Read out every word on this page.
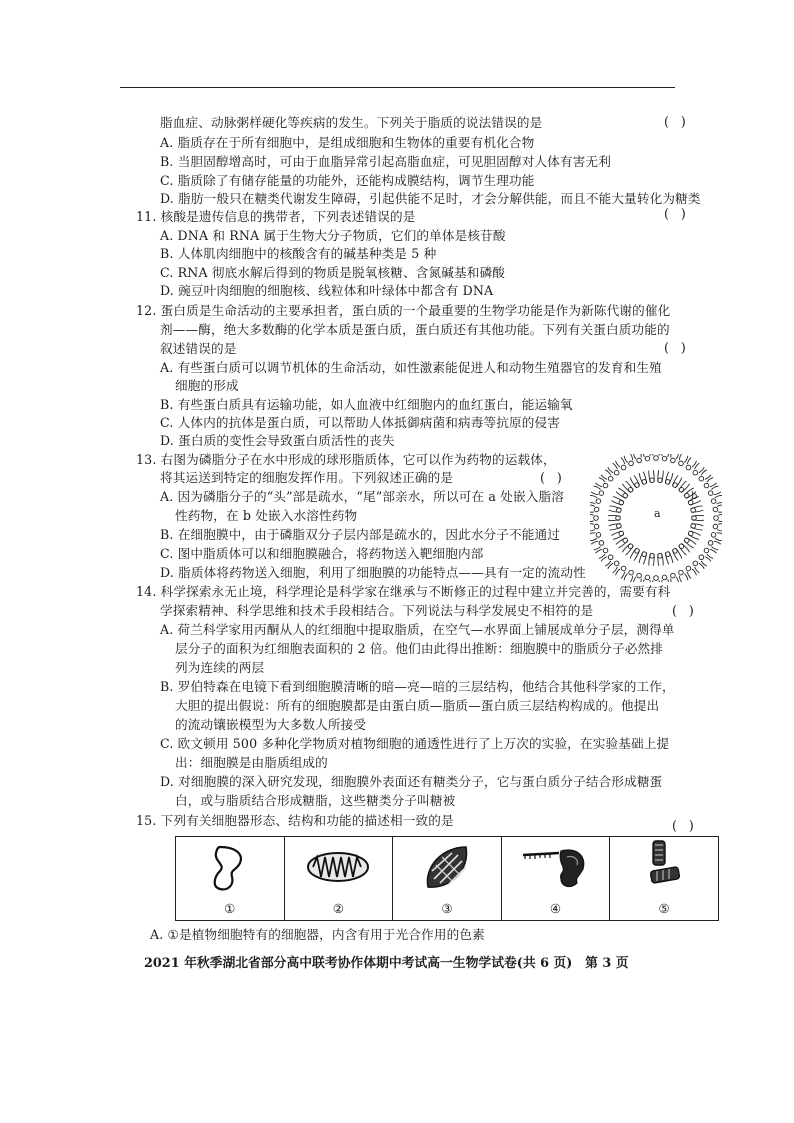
脂血症、动脉粥样硬化等疾病的发生。下列关于脂质的说法错误的是
A. 脂质存在于所有细胞中，是组成细胞和生物体的重要有机化合物
B. 当胆固醇增高时，可由于血脂异常引起高脂血症，可见胆固醇对人体有害无利
C. 脂质除了有储存能量的功能外，还能构成膜结构，调节生理功能
D. 脂肪一般只在糖类代谢发生障碍，引起供能不足时，才会分解供能，而且不能大量转化为糖类
11. 核酸是遗传信息的携带者，下列表述错误的是
A. DNA 和 RNA 属于生物大分子物质，它们的单体是核苷酸
B. 人体肌肉细胞中的核酸含有的碱基种类是 5 种
C. RNA 彻底水解后得到的物质是脱氧核糖、含氮碱基和磷酸
D. 豌豆叶肉细胞的细胞核、线粒体和叶绿体中都含有 DNA
12. 蛋白质是生命活动的主要承担者，蛋白质的一个最重要的生物学功能是作为新陈代谢的催化
剂——酶，绝大多数酶的化学本质是蛋白质，蛋白质还有其他功能。下列有关蛋白质功能的
叙述错误的是
A. 有些蛋白质可以调节机体的生命活动，如性激素能促进人和动物生殖器官的发育和生殖
细胞的形成
B. 有些蛋白质具有运输功能，如人血液中红细胞内的血红蛋白，能运输氧
C. 人体内的抗体是蛋白质，可以帮助人体抵御病菌和病毒等抗原的侵害
D. 蛋白质的变性会导致蛋白质活性的丧失
13. 右图为磷脂分子在水中形成的球形脂质体，它可以作为药物的运载体，
将其运送到特定的细胞发挥作用。下列叙述正确的是
A. 因为磷脂分子的“头”部是疏水，“尾”部亲水，所以可在 a 处嵌入脂溶
性药物，在 b 处嵌入水溶性药物
B. 在细胞膜中，由于磷脂双分子层内部是疏水的，因此水分子不能通过
C. 图中脂质体可以和细胞膜融合，将药物送入靶细胞内部
D. 脂质体将药物送入细胞，利用了细胞膜的功能特点——具有一定的流动性
14. 科学探索永无止境，科学理论是科学家在继承与不断修正的过程中建立并完善的，需要有科
学探索精神、科学思维和技术手段相结合。下列说法与科学发展史不相符的是
A. 荷兰科学家用丙酮从人的红细胞中提取脂质，在空气—水界面上铺展成单分子层，测得单
层分子的面积为红细胞表面积的 2 倍。他们由此得出推断：细胞膜中的脂质分子必然排
列为连续的两层
B. 罗伯特森在电镜下看到细胞膜清晰的暗—亮—暗的三层结构，他结合其他科学家的工作，
大胆的提出假说：所有的细胞膜都是由蛋白质—脂质—蛋白质三层结构构成的。他提出
的流动镶嵌模型为大多数人所接受
C. 欧文顿用 500 多种化学物质对植物细胞的通透性进行了上万次的实验，在实验基础上提
出：细胞膜是由脂质组成的
D. 对细胞膜的深入研究发现，细胞膜外表面还有糖类分子，它与蛋白质分子结合形成糖蛋
白，或与脂质结合形成糖脂，这些糖类分子叫糖被
15. 下列有关细胞器形态、结构和功能的描述相一致的是
A. ①是植物细胞特有的细胞器，内含有用于光合作用的色素
(   )
(   )
(   )
(   )
(   )
(   )
a
b
①	②	③	④	⑤
2021 年秋季湖北省部分高中联考协作体期中考试高一生物学试卷(共 6 页)　第 3 页
